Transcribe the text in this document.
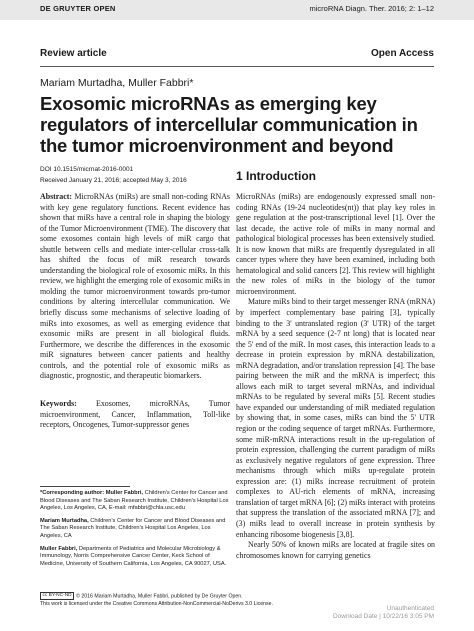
DE GRUYTER OPEN	microRNA Diagn. Ther. 2016; 2: 1–12
Review article	Open Access
Mariam Murtadha, Muller Fabbri*
Exosomic microRNAs as emerging key regulators of intercellular communication in the tumor microenvironment and beyond
DOI 10.1515/micrnat-2016-0001
Received January 21, 2016; accepted May 3, 2016
Abstract: MicroRNAs (miRs) are small non-coding RNAs with key gene regulatory functions. Recent evidence has shown that miRs have a central role in shaping the biology of the Tumor Microenvironment (TME). The discovery that some exosomes contain high levels of miR cargo that shuttle between cells and mediate inter-cellular cross-talk has shifted the focus of miR research towards understanding the biological role of exosomic miRs. In this review, we highlight the emerging role of exosomic miRs in molding the tumor microenvironment towards pro-tumor conditions by altering intercellular communication. We briefly discuss some mechanisms of selective loading of miRs into exosomes, as well as emerging evidence that exosomic miRs are present in all biological fluids. Furthermore, we describe the differences in the exosomic miR signatures between cancer patients and healthy controls, and the potential role of exosomic miRs as diagnostic, prognostic, and therapeutic biomarkers.
Keywords: Exosomes, microRNAs, Tumor microenvironment, Cancer, Inflammation, Toll-like receptors, Oncogenes, Tumor-suppressor genes

*Corresponding author: Muller Fabbri, Children's Center for Cancer and Blood Diseases and The Saban Research Institute, Children's Hospital Los Angeles, Los Angeles, CA, E-mail: mfabbri@chla.usc.edu

Mariam Murtadha, Children's Center for Cancer and Blood Diseases and The Saban Research Institute, Children's Hospital Los Angeles, Los Angeles, CA

Muller Fabbri, Departments of Pediatrics and Molecular Microbiology & Immunology, Norris Comprehensive Cancer Center, Keck School of Medicine, University of Southern California, Los Angeles, CA 90027, USA.

1 Introduction

MicroRNAs (miRs) are endogenously expressed small non-coding RNAs (19-24 nucleotides(nt)) that play key roles in gene regulation at the post-transcriptional level [1]. Over the last decade, the active role of miRs in many normal and pathological biological processes has been extensively studied. It is now known that miRs are frequently dysregulated in all cancer types where they have been examined, including both hematological and solid cancers [2]. This review will highlight the new roles of miRs in the biology of the tumor microenvironment.

Mature miRs bind to their target messenger RNA (mRNA) by imperfect complementary base pairing [3], typically binding to the 3' untranslated region (3' UTR) of the target mRNA by a seed sequence (2-7 nt long) that is located near the 5' end of the miR. In most cases, this interaction leads to a decrease in protein expression by mRNA destabilization, mRNA degradation, and/or translation repression [4]. The base pairing between the miR and the mRNA is imperfect; this allows each miR to target several mRNAs, and individual mRNAs to be regulated by several miRs [5]. Recent studies have expanded our understanding of miR mediated regulation by showing that, in some cases, miRs can bind the 5' UTR region or the coding sequence of target mRNAs. Furthermore, some miR-mRNA interactions result in the up-regulation of protein expression, challenging the current paradigm of miRs as exclusively negative regulators of gene expression. Three mechanisms through which miRs up-regulate protein expression are: (1) miRs increase recruitment of protein complexes to AU-rich elements of mRNA, increasing translation of target mRNA [6]; (2) miRs interact with proteins that suppress the translation of the associated mRNA [7]; and (3) miRs lead to overall increase in protein synthesis by enhancing ribosome biogenesis [3,8].

Nearly 50% of known miRs are located at fragile sites on chromosomes known for carrying genetics

cc BY-NC-ND © 2016 Mariam Murtadha, Muller Fabbri, published by De Gruyter Open.
This work is licensed under the Creative Commons Attribution-NonCommercial-NoDerivs 3.0 License.
Unauthenticated
Download Date | 10/22/16 3:05 PM
